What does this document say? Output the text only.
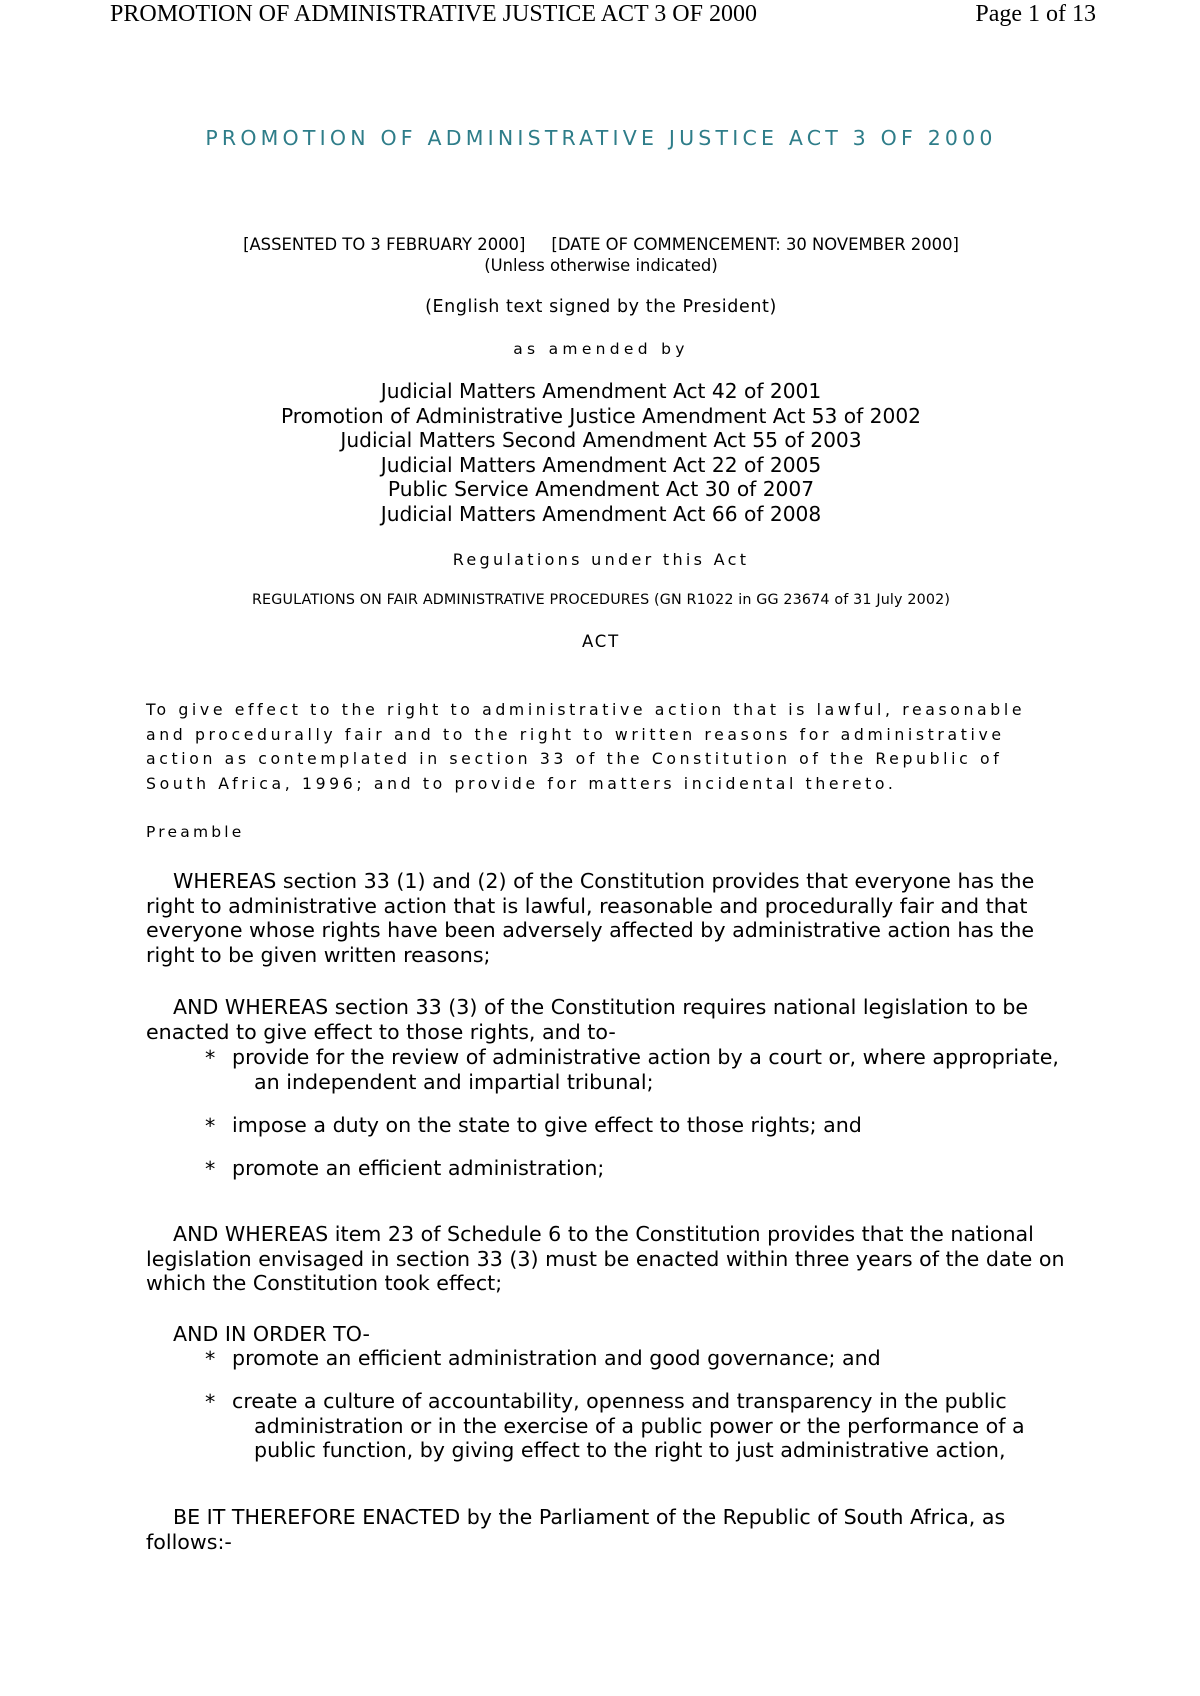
PROMOTION OF ADMINISTRATIVE JUSTICE ACT 3 OF 2000	Page 1 of 13
PROMOTION OF ADMINISTRATIVE JUSTICE ACT 3 OF 2000
[ASSENTED TO 3 FEBRUARY 2000]     [DATE OF COMMENCEMENT: 30 NOVEMBER 2000]
(Unless otherwise indicated)
(English text signed by the President)
as amended by
Judicial Matters Amendment Act 42 of 2001
Promotion of Administrative Justice Amendment Act 53 of 2002
Judicial Matters Second Amendment Act 55 of 2003
Judicial Matters Amendment Act 22 of 2005
Public Service Amendment Act 30 of 2007
Judicial Matters Amendment Act 66 of 2008
Regulations under this Act
REGULATIONS ON FAIR ADMINISTRATIVE PROCEDURES (GN R1022 in GG 23674 of 31 July 2002)
ACT

To give effect to the right to administrative action that is lawful, reasonable and procedurally fair and to the right to written reasons for administrative action as contemplated in section 33 of the Constitution of the Republic of South Africa, 1996; and to provide for matters incidental thereto.

Preamble

WHEREAS section 33 (1) and (2) of the Constitution provides that everyone has the right to administrative action that is lawful, reasonable and procedurally fair and that everyone whose rights have been adversely affected by administrative action has the right to be given written reasons;

AND WHEREAS section 33 (3) of the Constitution requires national legislation to be enacted to give effect to those rights, and to-

* provide for the review of administrative action by a court or, where appropriate, an independent and impartial tribunal;
* impose a duty on the state to give effect to those rights; and
* promote an efficient administration;

AND WHEREAS item 23 of Schedule 6 to the Constitution provides that the national legislation envisaged in section 33 (3) must be enacted within three years of the date on which the Constitution took effect;

AND IN ORDER TO-

* promote an efficient administration and good governance; and
* create a culture of accountability, openness and transparency in the public administration or in the exercise of a public power or the performance of a public function, by giving effect to the right to just administrative action,

BE IT THEREFORE ENACTED by the Parliament of the Republic of South Africa, as follows:-
